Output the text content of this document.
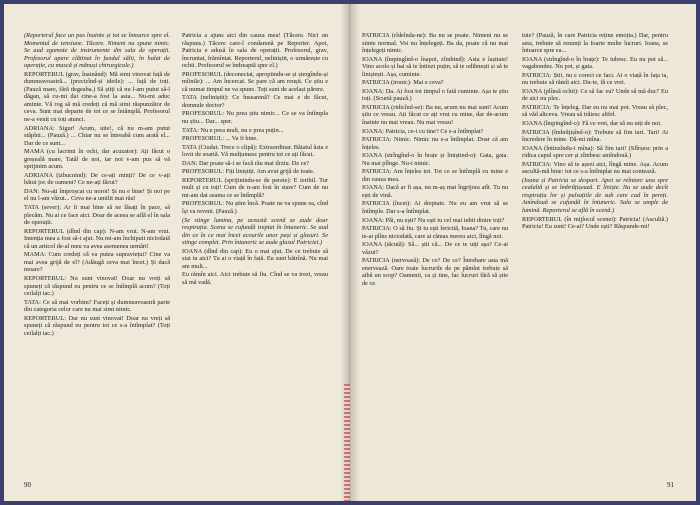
(Reporterul face un pas înainte și tot se întoarce spre el. Momentul de tensiune. Tăcere. Nimeni nu spune nimic. Se aud zgomote de instrumente din sala de operații. Profesorul apare clătinat în fundul sălii, în halat de operație, cu mască și mănuși chirurgicale.)

REPORTERUL (grav, înainând): Mă simt vinovat față de dumneavoastră... (precizînd-și ideile): ... față de toți. (Pauză mare, fără degeaba.) Să știți că nu l-am putut să-l dăgan, să cu-mi dai cine-a fost la asta... Nu-mi aduc aminte. Vă rog să mă credeți că mă simt răspunzător de ceva. Sunt mai departe de tot ce se întâmplă. Profesorul ne-a venit cu toți atunci.

ADRIANA: Sigur! Acum, uite!, că nu m-am putut stăpîni... (Pauză.) ... Chiar nu se întreabă cum arată el... Dar de ce sunt...

MAMA (cu lacrimi în ochi, dar acuzator): Ați făcut o greșeală mare, Tatăl de noi, iar noi v-am pus să vă sprijinim acum.

ADRIANA (izbucnind): De ce-ați minți? De ce v-ați bătut joc de oameni? Ce ne-ați făcut?

DAN: Nu-ați împroșcat cu noroi! Și nu e bine! Și noi pe el nu l-am văzut... Ceva ne-a umilit mai rău!

TATA (sever): Ar fi mai bine să ne lăsați în pace, să plecăm. Nu ai ce face aici. Doar de aceea se află el în sala de operații.

REPORTERUL (dînd din cap): N-am vrut. N-am vrut. Intenția mea a fost să-i ajut. Nu mi-am închipuit niciodată că un articol de-al meu va avea asemenea urmări!

MAMA: Cum credeți că va putea supraviețui? Cine va mai avea grijă de el? (Adăugă ceva mai încet.) Și dacă moare?

REPORTERUL: Nu sunt vinovat! Doar nu vreți să spuneți că răspund eu pentru ce se întîmplă acum? (Toți ceilalți tac.)

TATA: Ce să mai vorbim? Faceți și dumneavoastră parte din categoria celor care nu mai simt nimic.

REPORTERUL: Dar nu sunt vinovat! Doar nu vreți să spuneți că răspund eu pentru tot ce s-a întîmplat? (Toți ceilalți tac.)

Patricia a ajuns aici din cauza mea! (Tăcere. Nici un răspuns.) Tăcere care-l condamnă pe Reporter. Apoi, Patricia e adusă în sala de operații. Profesorul, grav, încruntat, frămîntat. Reporterul, neliniștit, o urmărește cu ochii. Profesorul se îndreaptă spre el.)

PROFESORUL (deconectat, apropiindu-se și ștergîndu-și mîinile): ... Am încercat. Se pare că am reușit. Ce știu e că numai timpul ne va spune. Toți sunt de același părere.

TATA (neliniștit): Ce înseamnă? Ce mai e de făcut, domnule doctor?

PROFESORUL: Nu prea știu nimic... Ce se va întîmpla nu știu... Dar... sper.

TATA: Nu e prea mult, nu e prea puțin...

PROFESORUL: ... Va fi bine.

TATA (Ciudat. Trece o clipă): Extraordinar. Băiatul ăsta e lovit de soartă. Vă mulțumesc pentru tot ce ați făcut.

DAN: Dar poate să-i se facă rău mai tîrziu. De ce?

PROFESORUL: Fiți liniștiți. Am avut grijă de toate.

REPORTERUL (sprijinindu-se de perete): E teribil. Tur mult și cu toți! Cum de n-am fost în stare? Cum de nu mi-am dat seama ce se întîmplă?

PROFESORUL: Nu știm încă. Poate ne va spune ea, cînd își va reveni. (Pauză.)

(Se stinge lumina, pe această scenă se aude doar respirația. Scena se cufundă treptat în întuneric. Se aud din ce în ce mai încet ecourile unor pași și glasuri. Se stinge complet. Prin întuneric se aude glasul Patriciei.)

IOANA (dînd din cap): Eu o mai ajut. De ce trebuie să stai tu aici? Tu ai o viață în față. Eu sunt bătrînă. Nu mai am mult...

Eu rămîn aici. Aici trebuie să fiu. Cînd se va trezi, vreau să mă vadă.

90

PATRICIA (rîdeînda-ne): Ba nu se poate. Nimeni nu se simte normal. Voi nu înțelegeți. Ba da, poate că nu mai înțelegeți nimic.

IOANA (împingînd-o înapoi, zîmbind): Asta e lașitate! Vino acolo și hai să te întinzi puțin, să te odihnești și să te liniștești. Așa, cuminte.

PATRICIA (ironic): Mai e ceva?

IOANA: Da. Ai fost tot timpul o fată cuminte. Așa te știu toți. (Scurtă pauză.)

PATRICIA (ridicînd-se): Ba nu, acum nu mai sunt! Acum știu ce vreau. Ați făcut ce ați vrut cu mine, dar de-acum înainte nu mai vreau. Nu mai vreau!

IOANA: Patricia, ce-i cu tine? Ce s-a întîmplat?

PATRICIA: Nimic. Nimic nu s-a întîmplat. Doar că am înțeles.

IOANA (strîngînd-o în brațe și liniștind-o): Gata, gata. Nu mai plînge. Nu-i nimic.

PATRICIA: Am înțeles tot. Tot ce se întîmplă cu mine e din cauza mea.

IOANA: Dacă ar fi așa, nu m-aș mai îngrijora atît. Tu nu ești de vină.

PATRICIA (încet): Ai dreptate. Nu eu am vrut să se întîmple. Dar s-a întîmplat.

IOANA: Păi, nu ești? Nu ești tu cel mai iubit dintre toți?

PATRICIA: O să fiu. Și tu ești fericită, Ioana? Tu, care nu te-ai plîns niciodată, care ai rămas mereu aici, lîngă noi.

IOANA (tăcută): Să... știi că... De ce te uiți așa? Ce-ai văzut?

PATRICIA (nervoasă): De ce? De ce? Întrebare asta mă enervează. Oare toate lucrurile de pe pămînt trebuie să aibă un scop? Oamenii, ca și tine, fac lucruri fără să știe de ce.

tuie? (Pauză, în care Patricia reține emoția.) Dar, pentru asta, trebuie să renunți la foarte multe lucruri. Ioana, se întoarce spre ea...

IOANA (strîngînd-o în brațe): Te iubesc. Eu nu pot să... vagabondez. Nu pot, și gata.

PATRICIA: Știi, nu e corect ce faci. Ai o viață în fața ta, nu trebuie să rămîi aici. Du-te, fă ce vrei.

IOANA (plînsă ochii): Ce să fac eu? Unde să mă duc? Eu de aici nu plec.

PATRICIA: Te înțeleg. Dar eu nu mai pot. Vreau să plec, să văd altceva. Vreau să trăiesc altfel.

IOANA (împingînd-o): Fă ce vrei, dar să nu uiți de noi.

PATRICIA (îmbrățișînd-o): Trebuie să fim tari. Tari! Ai încredere în mine. Dă-mi mîna.

IOANA (întinzîndu-i mîna): Să fim tari! (Sfîrșesc prin a ridica capul spre cer și zîmbesc amîndouă.)

PATRICIA: Vino să te așezi aici, lîngă mine. Așa. Acum ascultă-mă bine: tot ce s-a întîmplat nu mai contează.

(Ioana și Patricia se despart. Apoi se reîntorc una spre cealaltă și se îmbrățișează. E liniște. Nu se aude decît respirația lor și pulsațiile de sub care cad în pereți. Amîndouă se cufundă în întuneric. Sala se umple de lumină. Reporterul se află în scenă.)

REPORTERUL (în mijlocul scenei): Patricia! (Ascultă.) Patricia! Eu sunt! Ce-ai? Unde ești? Răspunde-mi!

91
